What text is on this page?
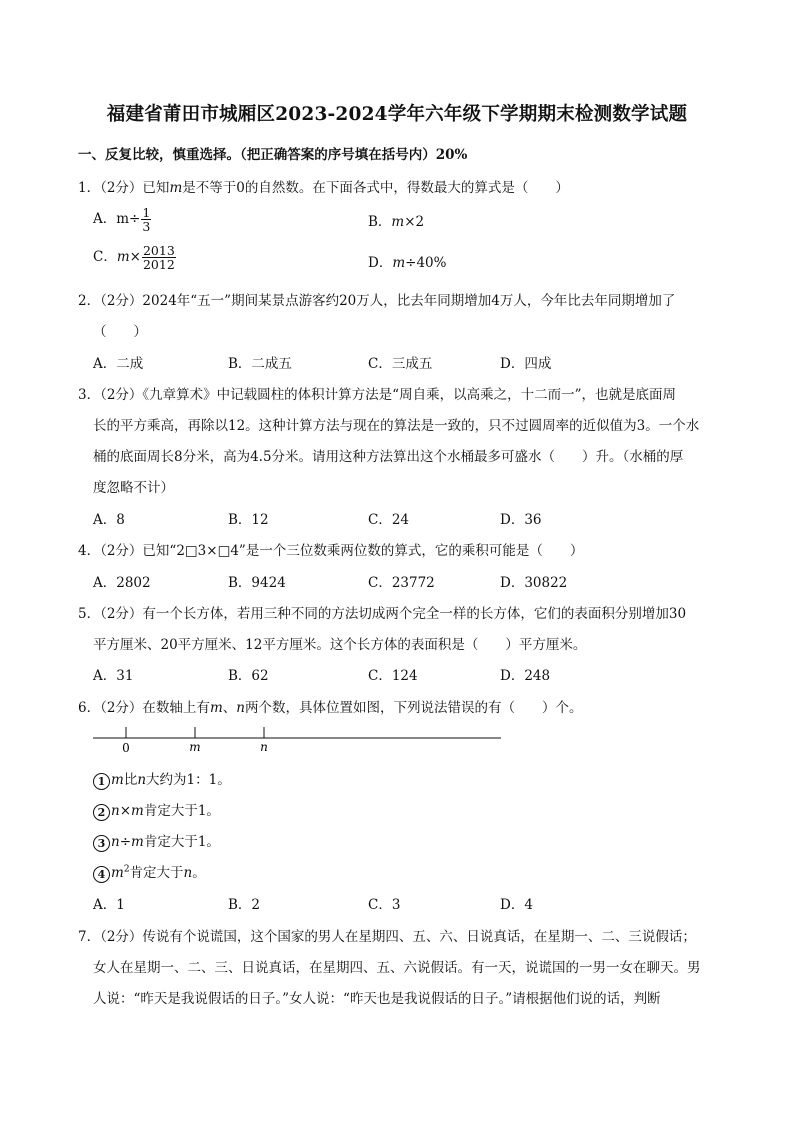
福建省莆田市城厢区2023-2024学年六年级下学期期末检测数学试题
一、反复比较，慎重选择。（把正确答案的序号填在括号内）20%
1．（2分）已知m是不等于0的自然数。在下面各式中，得数最大的算式是（　　）
A．$m\div \frac{1}{3}$	B．m×2
C．$m\times \frac{2013}{2012}$	D．m÷40%
2．（2分）2024年“五一”期间某景点游客约20万人，比去年同期增加4万人，今年比去年同期增加了
（　　）
A．二成	B．二成五	C．三成五	D．四成
3．（2分）《九章算术》中记载圆柱的体积计算方法是“周自乘，以高乘之，十二而一”，也就是底面周
长的平方乘高，再除以12。这种计算方法与现在的算法是一致的，只不过圆周率的近似值为3。一个水
桶的底面周长8分米，高为4.5分米。请用这种方法算出这个水桶最多可盛水（　　）升。（水桶的厚
度忽略不计）
A．8	B．12	C．24	D．36
4．（2分）已知“2□3×□4”是一个三位数乘两位数的算式，它的乘积可能是（　　）
A．2802	B．9424	C．23772	D．30822
5．（2分）有一个长方体，若用三种不同的方法切成两个完全一样的长方体，它们的表面积分别增加30
平方厘米、20平方厘米、12平方厘米。这个长方体的表面积是（　　）平方厘米。
A．31	B．62	C．124	D．248
6．（2分）在数轴上有m、n两个数，具体位置如图，下列说法错误的有（　　）个。
0	m	n
1 m比n大约为1：1。
2 n×m肯定大于1。
3 n÷m肯定大于1。
4 $m^2$肯定大于n。
A．1	B．2	C．3	D．4
7．（2分）传说有个说谎国，这个国家的男人在星期四、五、六、日说真话，在星期一、二、三说假话；
女人在星期一、二、三、日说真话，在星期四、五、六说假话。有一天，说谎国的一男一女在聊天。男
人说：“昨天是我说假话的日子。”女人说：“昨天也是我说假话的日子。”请根据他们说的话，判断
